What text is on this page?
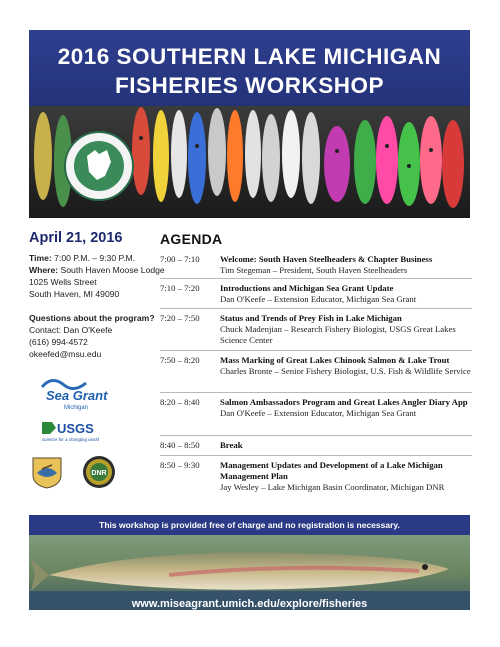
2016 SOUTHERN LAKE MICHIGAN
FISHERIES WORKSHOP
April 21, 2016
Time: 7:00 P.M. – 9:30 P.M.
Where: South Haven Moose Lodge
1025 Wells Street
South Haven, MI 49090
Questions about the program?
Contact: Dan O'Keefe
(616) 994-4572
okeefed@msu.edu
Sea Grant
Michigan
USGS
science for a changing world
DNR
AGENDA
7:00 – 7:10	Welcome: South Haven Steelheaders & Chapter Business
Tim Stegeman – President, South Haven Steelheaders
7:10 – 7:20	Introductions and Michigan Sea Grant Update
Dan O'Keefe – Extension Educator, Michigan Sea Grant
7:20 – 7:50	Status and Trends of Prey Fish in Lake Michigan
Chuck Madenjian – Research Fishery Biologist, USGS Great Lakes Science Center
7:50 – 8:20	Mass Marking of Great Lakes Chinook Salmon & Lake Trout
Charles Bronte – Senior Fishery Biologist, U.S. Fish & Wildlife Service
8:20 – 8:40	Salmon Ambassadors Program and Great Lakes Angler Diary App
Dan O'Keefe – Extension Educator, Michigan Sea Grant
8:40 – 8:50	Break
8:50 – 9:30	Management Updates and Development of a Lake Michigan Management Plan
Jay Wesley – Lake Michigan Basin Coordinator, Michigan DNR
This workshop is provided free of charge and no registration is necessary.
www.miseagrant.umich.edu/explore/fisheries
